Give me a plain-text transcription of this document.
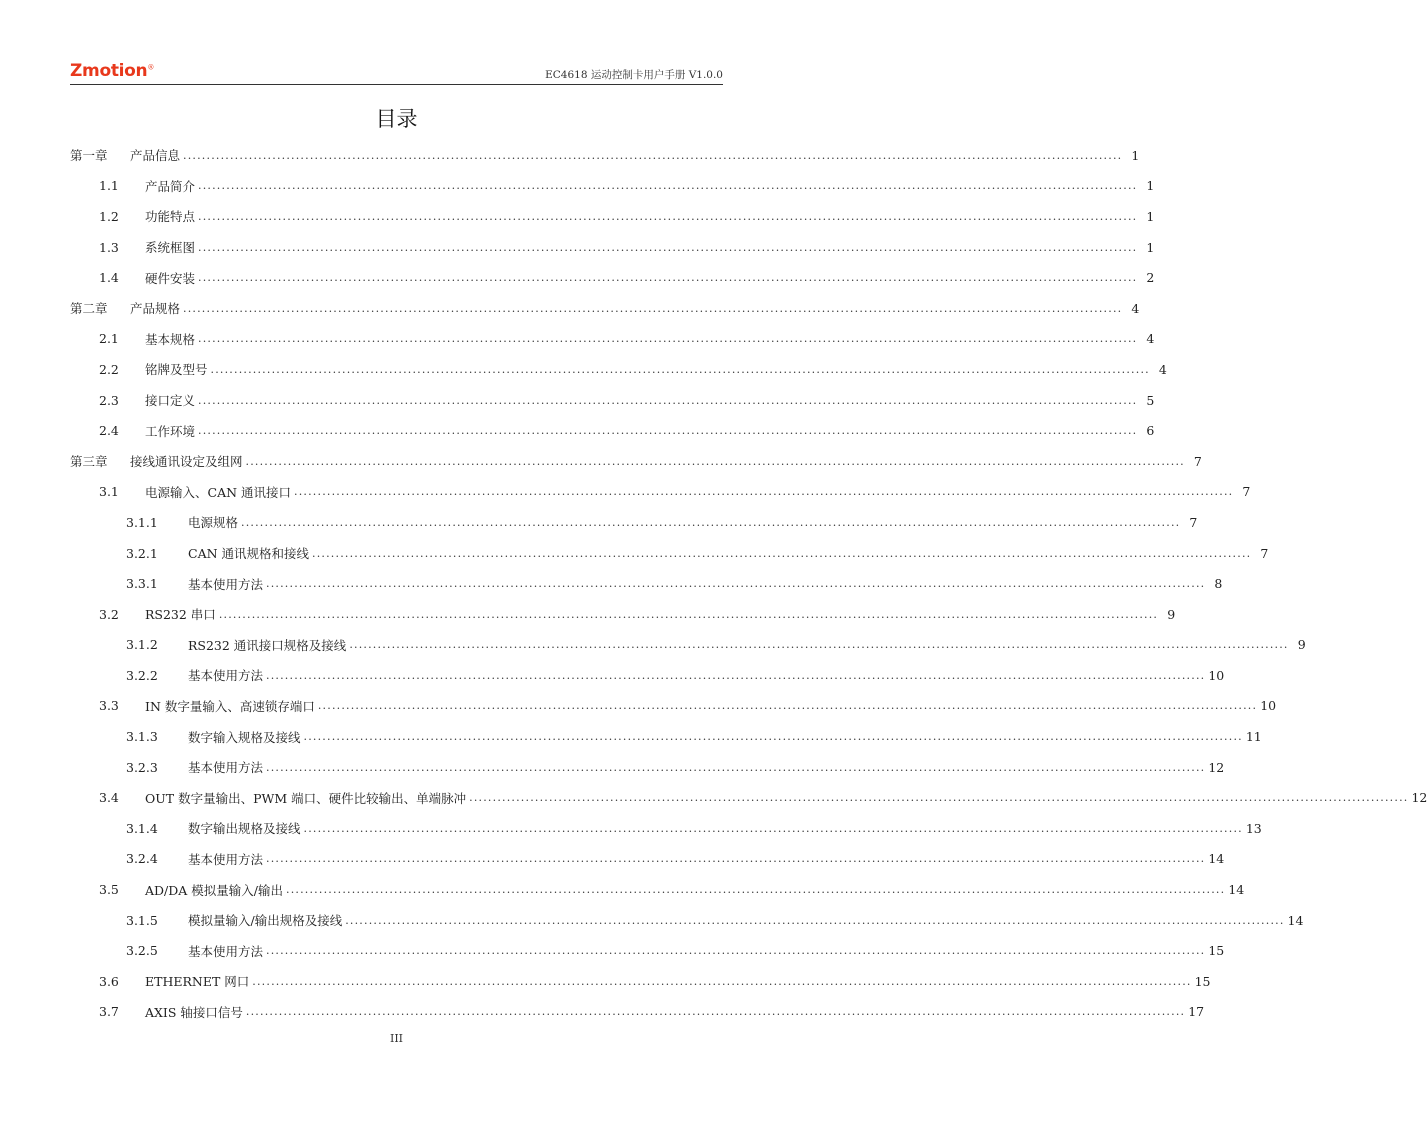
Zmotion®
EC4618 运动控制卡用户手册 V1.0.0
目录
第一章	产品信息 ........................................................................................................................................................................................................ 1
1.1	产品简介 ........................................................................................................................................................................................................ 1
1.2	功能特点 ........................................................................................................................................................................................................ 1
1.3	系统框图 ........................................................................................................................................................................................................ 1
1.4	硬件安装 ........................................................................................................................................................................................................ 2
第二章	产品规格 ........................................................................................................................................................................................................ 4
2.1	基本规格 ........................................................................................................................................................................................................ 4
2.2	铭牌及型号 ........................................................................................................................................................................................................ 4
2.3	接口定义 ........................................................................................................................................................................................................ 5
2.4	工作环境 ........................................................................................................................................................................................................ 6
第三章	接线通讯设定及组网 ........................................................................................................................................................................................................ 7
3.1	电源输入、CAN 通讯接口 ........................................................................................................................................................................................................ 7
3.1.1	电源规格 ........................................................................................................................................................................................................ 7
3.2.1	CAN 通讯规格和接线 ........................................................................................................................................................................................................ 7
3.3.1	基本使用方法 ........................................................................................................................................................................................................ 8
3.2	RS232 串口 ........................................................................................................................................................................................................ 9
3.1.2	RS232 通讯接口规格及接线 ........................................................................................................................................................................................................ 9
3.2.2	基本使用方法 ........................................................................................................................................................................................................ 10
3.3	IN 数字量输入、高速锁存端口 ........................................................................................................................................................................................................ 10
3.1.3	数字输入规格及接线 ........................................................................................................................................................................................................ 11
3.2.3	基本使用方法 ........................................................................................................................................................................................................ 12
3.4	OUT 数字量输出、PWM 端口、硬件比较输出、单端脉冲 ........................................................................................................................................................................................................ 12
3.1.4	数字输出规格及接线 ........................................................................................................................................................................................................ 13
3.2.4	基本使用方法 ........................................................................................................................................................................................................ 14
3.5	AD/DA 模拟量输入/输出 ........................................................................................................................................................................................................ 14
3.1.5	模拟量输入/输出规格及接线 ........................................................................................................................................................................................................ 14
3.2.5	基本使用方法 ........................................................................................................................................................................................................ 15
3.6	ETHERNET 网口 ........................................................................................................................................................................................................ 15
3.7	AXIS 轴接口信号 ........................................................................................................................................................................................................ 17
III
